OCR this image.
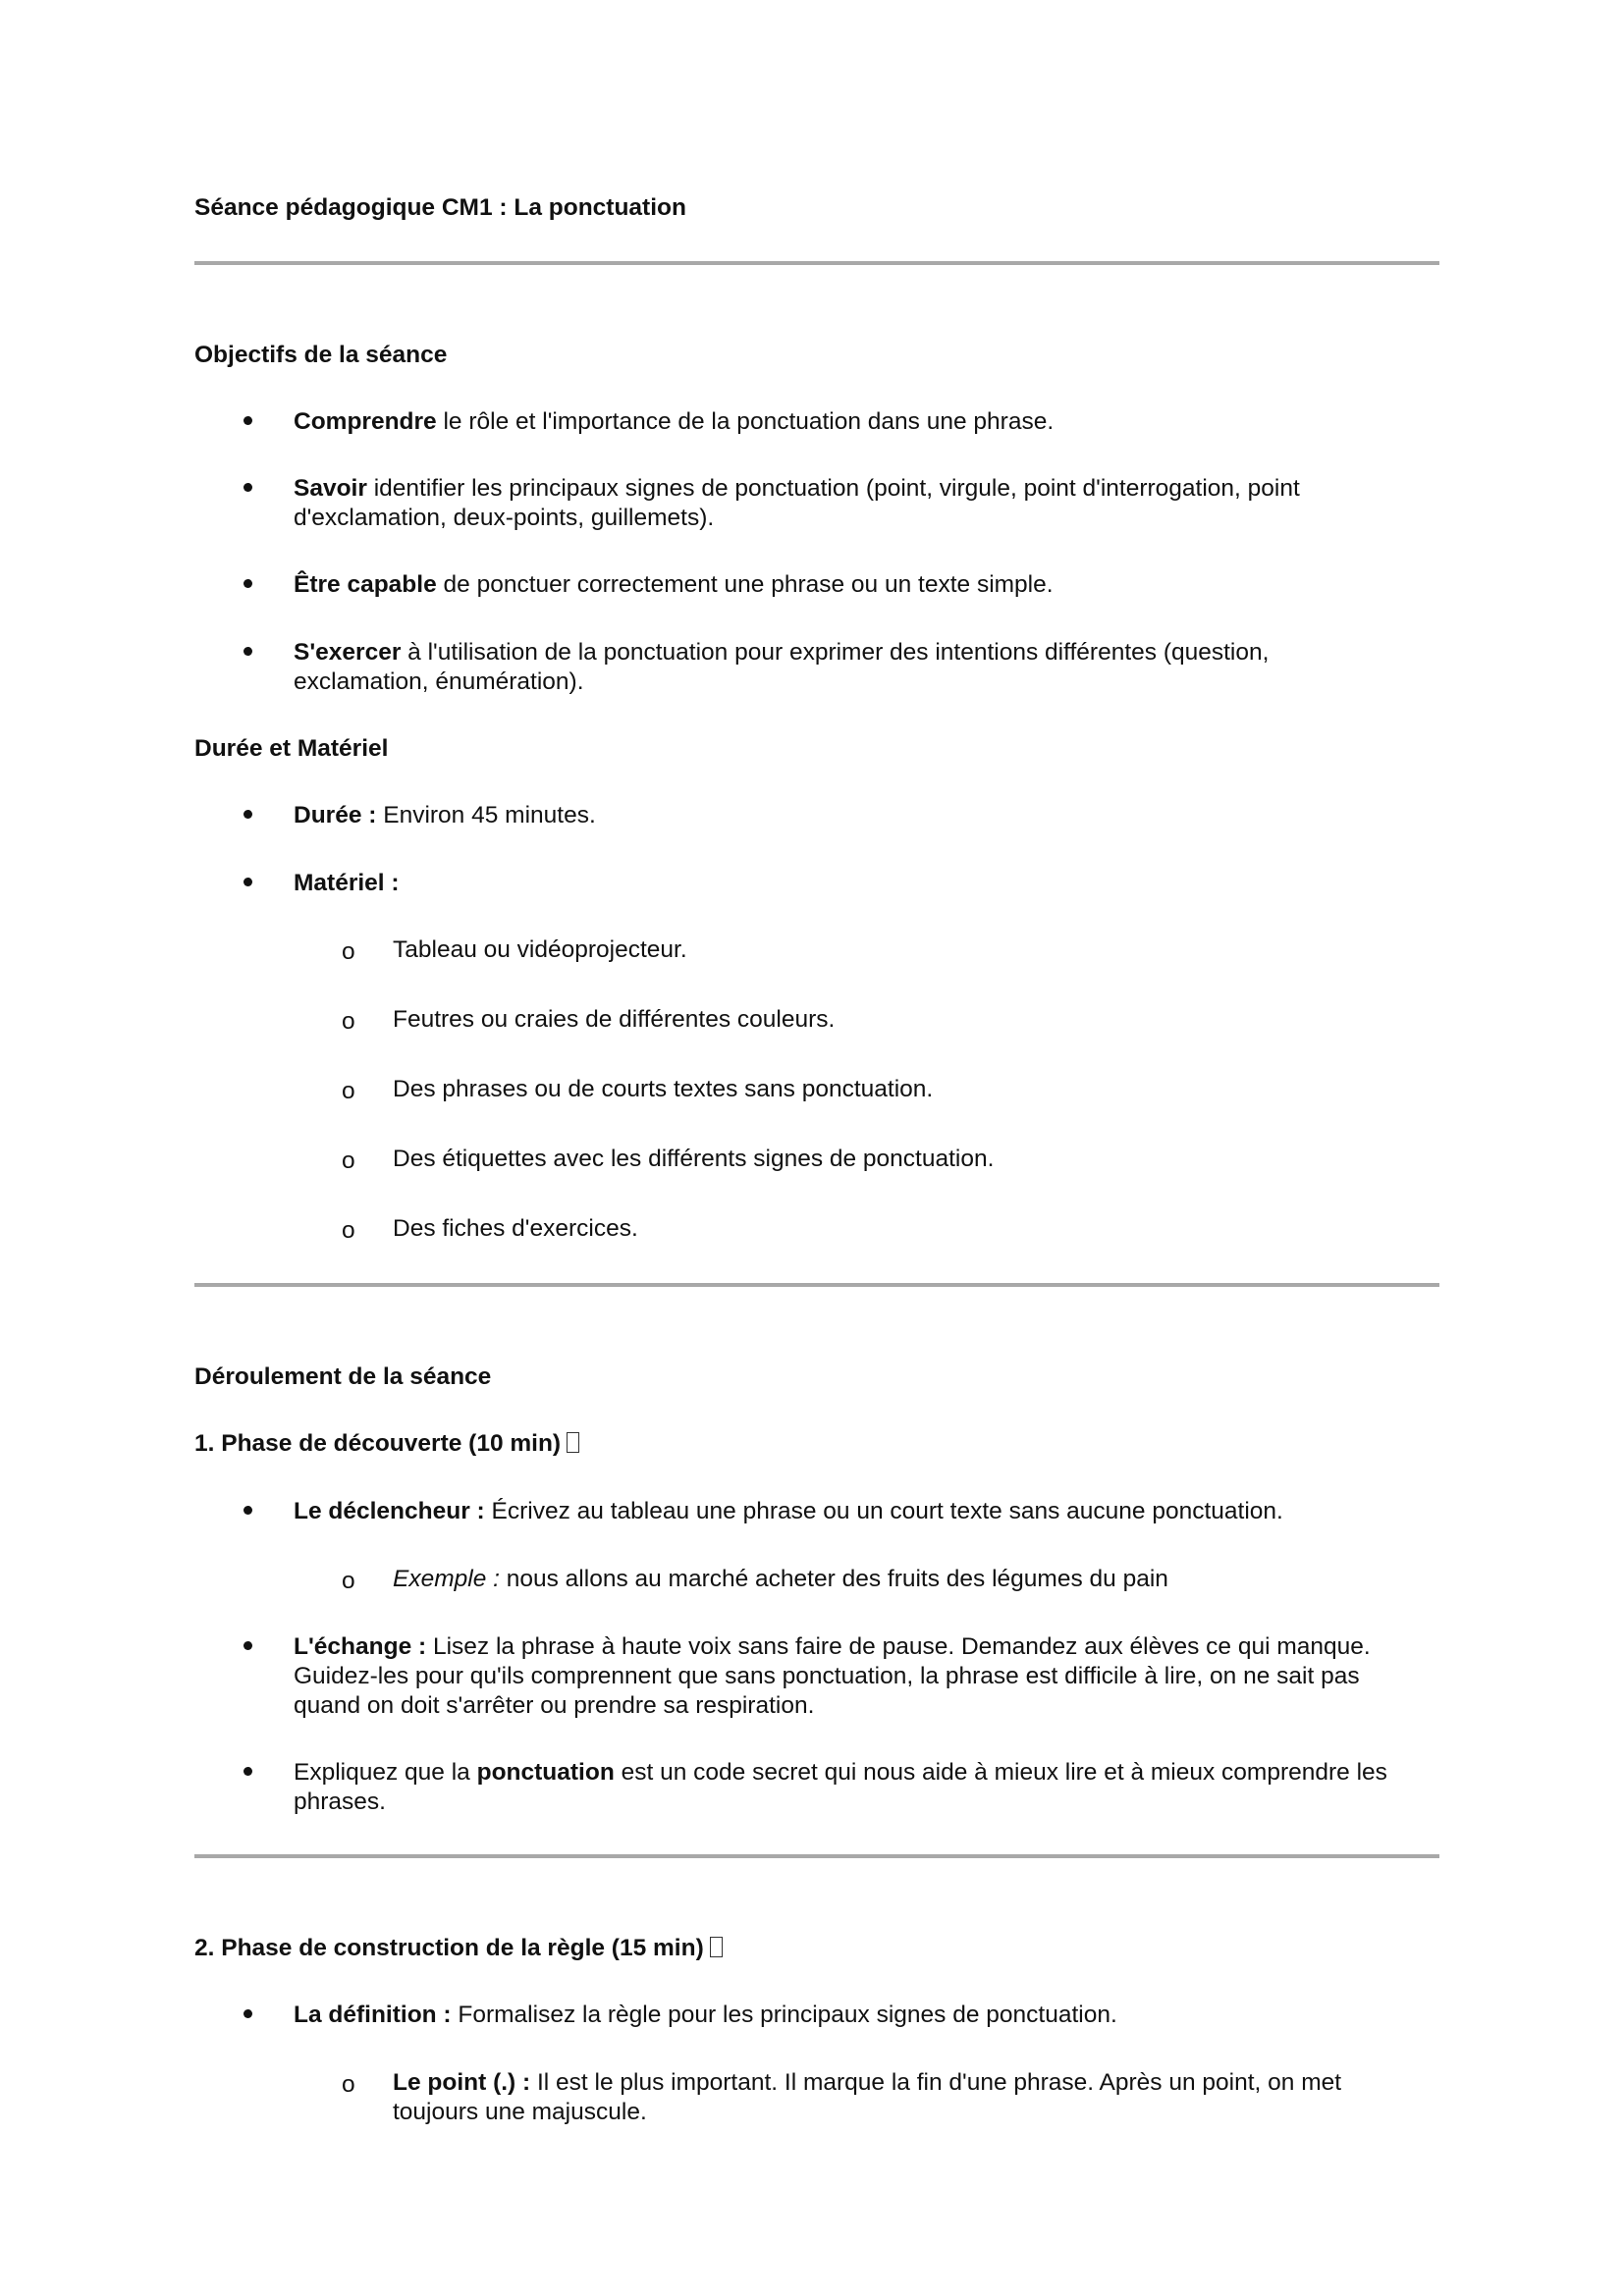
Séance pédagogique CM1 : La ponctuation
Objectifs de la séance
Comprendre le rôle et l'importance de la ponctuation dans une phrase.
Savoir identifier les principaux signes de ponctuation (point, virgule, point d'interrogation, point
d'exclamation, deux-points, guillemets).
Être capable de ponctuer correctement une phrase ou un texte simple.
S'exercer à l'utilisation de la ponctuation pour exprimer des intentions différentes (question,
exclamation, énumération).
Durée et Matériel
Durée : Environ 45 minutes.
Matériel :
o Tableau ou vidéoprojecteur.
o Feutres ou craies de différentes couleurs.
o Des phrases ou de courts textes sans ponctuation.
o Des étiquettes avec les différents signes de ponctuation.
o Des fiches d'exercices.
Déroulement de la séance
1. Phase de découverte (10 min)
Le déclencheur : Écrivez au tableau une phrase ou un court texte sans aucune ponctuation.
o Exemple : nous allons au marché acheter des fruits des légumes du pain
L'échange : Lisez la phrase à haute voix sans faire de pause. Demandez aux élèves ce qui manque.
Guidez-les pour qu'ils comprennent que sans ponctuation, la phrase est difficile à lire, on ne sait pas
quand on doit s'arrêter ou prendre sa respiration.
Expliquez que la ponctuation est un code secret qui nous aide à mieux lire et à mieux comprendre les
phrases.
2. Phase de construction de la règle (15 min)
La définition : Formalisez la règle pour les principaux signes de ponctuation.
o Le point (.) : Il est le plus important. Il marque la fin d'une phrase. Après un point, on met
toujours une majuscule.
